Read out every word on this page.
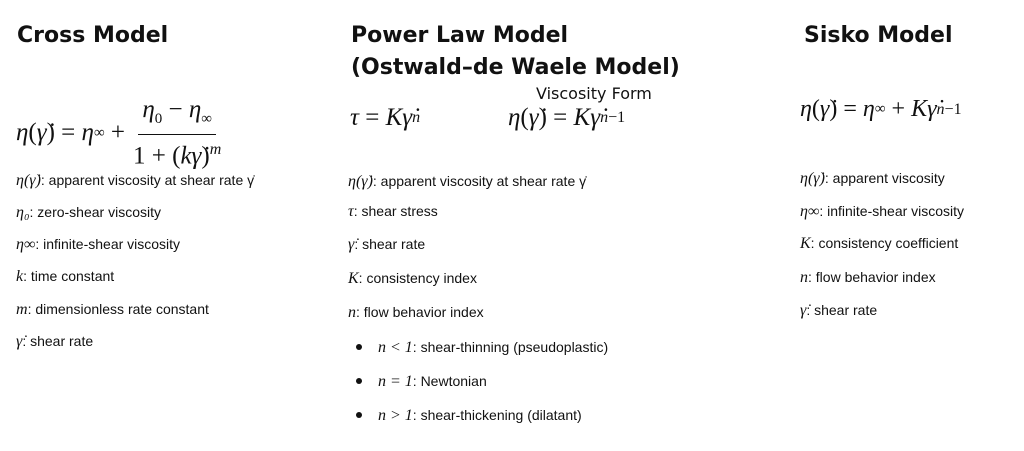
Cross Model
η ( γ̇ ) = η ∞ + $\frac{\eta_0 - \eta_\infty}{1 + (k\gammȧ)^m}$
η(γ̇) : apparent viscosity at shear rate γ̇
η₀ : zero-shear viscosity
η∞ : infinite-shear viscosity
k : time constant
m : dimensionless rate constant
γ̇ : shear rate
Power Law Model
(Ostwald–de Waele Model)
Viscosity Form
τ = K γ̇ n	η ( γ̇ ) = K γ̇ n−1
η(γ̇) : apparent viscosity at shear rate γ̇
τ : shear stress
γ̇ : shear rate
K : consistency index
n : flow behavior index
n < 1 : shear-thinning (pseudoplastic)
n = 1 : Newtonian
n > 1 : shear-thickening (dilatant)
Sisko Model
η ( γ̇ ) = η ∞ + K γ̇ n−1
η(γ̇) : apparent viscosity
η∞ : infinite-shear viscosity
K : consistency coefficient
n : flow behavior index
γ̇ : shear rate
